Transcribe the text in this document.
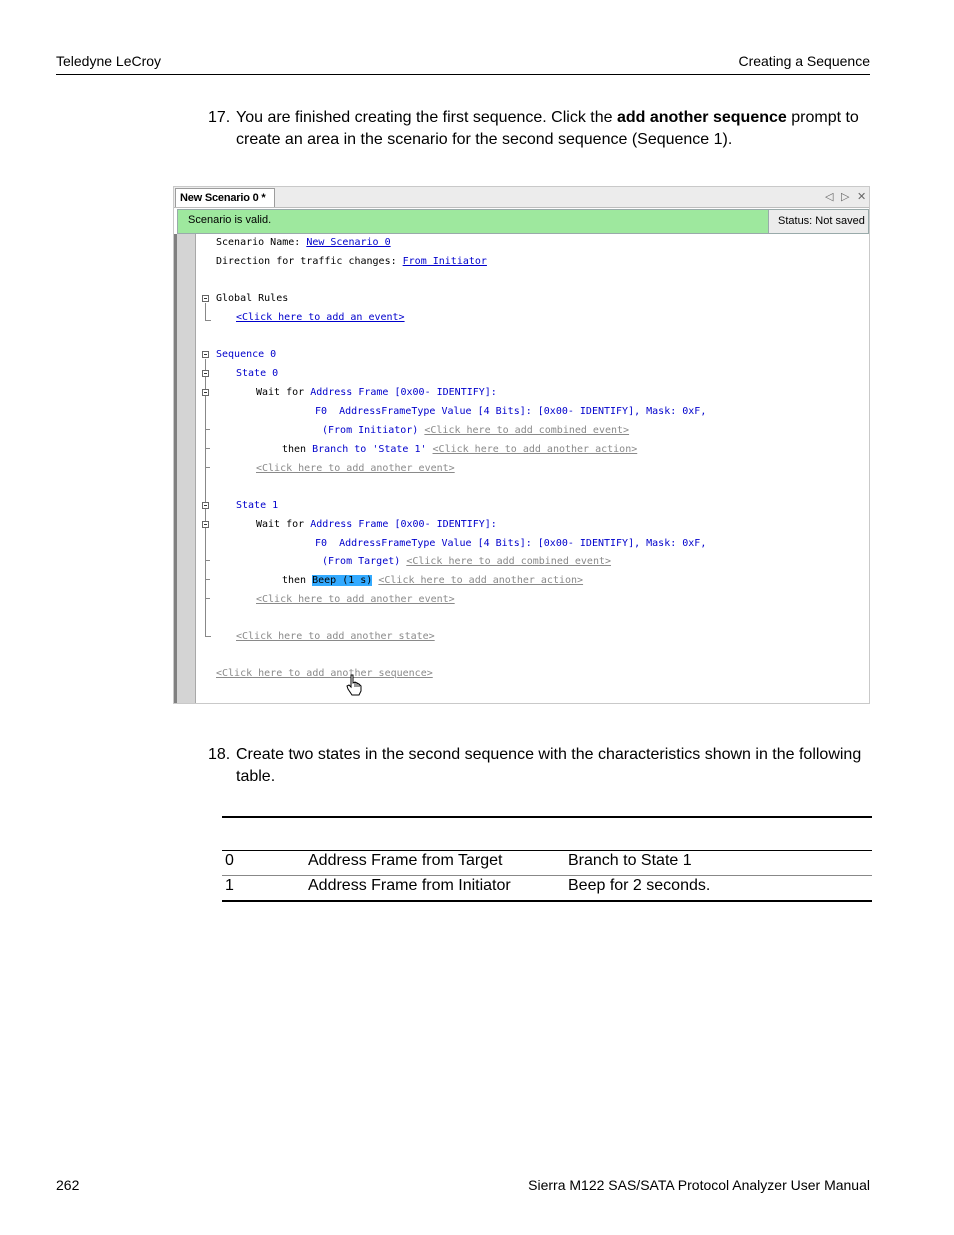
Teledyne LeCroy	Creating a Sequence
17. You are finished creating the first sequence. Click the add another sequence prompt to create an area in the scenario for the second sequence (Sequence 1).
New Scenario 0 *	◁ ▷ ✕
Scenario is valid.	Status: Not saved
Scenario Name: New Scenario 0
Direction for traffic changes: From Initiator
Global Rules
<Click here to add an event>
Sequence 0
State 0
Wait for Address Frame [0x00- IDENTIFY]:
F0 AddressFrameType Value [4 Bits]: [0x00- IDENTIFY], Mask: 0xF,
(From Initiator) <Click here to add combined event>
then Branch to 'State 1' <Click here to add another action>
<Click here to add another event>
State 1
Wait for Address Frame [0x00- IDENTIFY]:
F0 AddressFrameType Value [4 Bits]: [0x00- IDENTIFY], Mask: 0xF,
(From Target) <Click here to add combined event>
then Beep (1 s) <Click here to add another action>
<Click here to add another event>
<Click here to add another state>
<Click here to add another sequence>
18. Create two states in the second sequence with the characteristics shown in the following table.
0	Address Frame from Target	Branch to State 1
1	Address Frame from Initiator	Beep for 2 seconds.
262	Sierra M122 SAS/SATA Protocol Analyzer User Manual
